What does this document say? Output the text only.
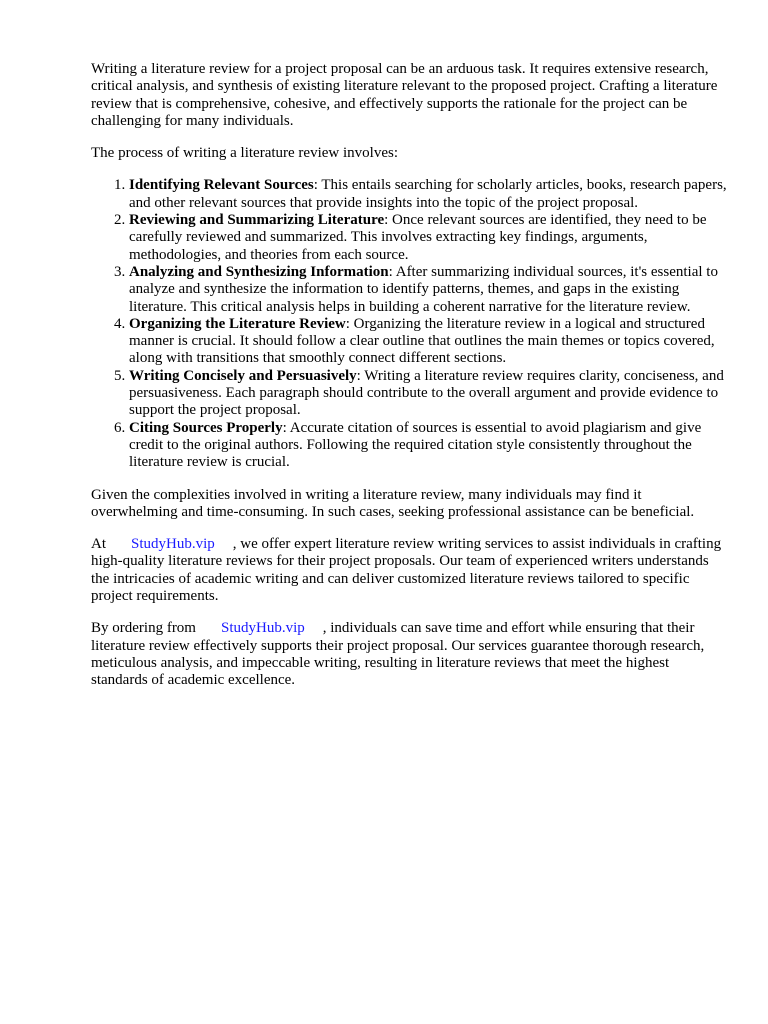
Writing a literature review for a project proposal can be an arduous task. It requires extensive research, critical analysis, and synthesis of existing literature relevant to the proposed project. Crafting a literature review that is comprehensive, cohesive, and effectively supports the rationale for the project can be challenging for many individuals.

The process of writing a literature review involves:

1. Identifying Relevant Sources: This entails searching for scholarly articles, books, research papers, and other relevant sources that provide insights into the topic of the project proposal.
2. Reviewing and Summarizing Literature: Once relevant sources are identified, they need to be carefully reviewed and summarized. This involves extracting key findings, arguments, methodologies, and theories from each source.
3. Analyzing and Synthesizing Information: After summarizing individual sources, it's essential to analyze and synthesize the information to identify patterns, themes, and gaps in the existing literature. This critical analysis helps in building a coherent narrative for the literature review.
4. Organizing the Literature Review: Organizing the literature review in a logical and structured manner is crucial. It should follow a clear outline that outlines the main themes or topics covered, along with transitions that smoothly connect different sections.
5. Writing Concisely and Persuasively: Writing a literature review requires clarity, conciseness, and persuasiveness. Each paragraph should contribute to the overall argument and provide evidence to support the project proposal.
6. Citing Sources Properly: Accurate citation of sources is essential to avoid plagiarism and give credit to the original authors. Following the required citation style consistently throughout the literature review is crucial.

Given the complexities involved in writing a literature review, many individuals may find it overwhelming and time-consuming. In such cases, seeking professional assistance can be beneficial.

At StudyHub.vip , we offer expert literature review writing services to assist individuals in crafting high-quality literature reviews for their project proposals. Our team of experienced writers understands the intricacies of academic writing and can deliver customized literature reviews tailored to specific project requirements.

By ordering from StudyHub.vip , individuals can save time and effort while ensuring that their literature review effectively supports their project proposal. Our services guarantee thorough research, meticulous analysis, and impeccable writing, resulting in literature reviews that meet the highest standards of academic excellence.
